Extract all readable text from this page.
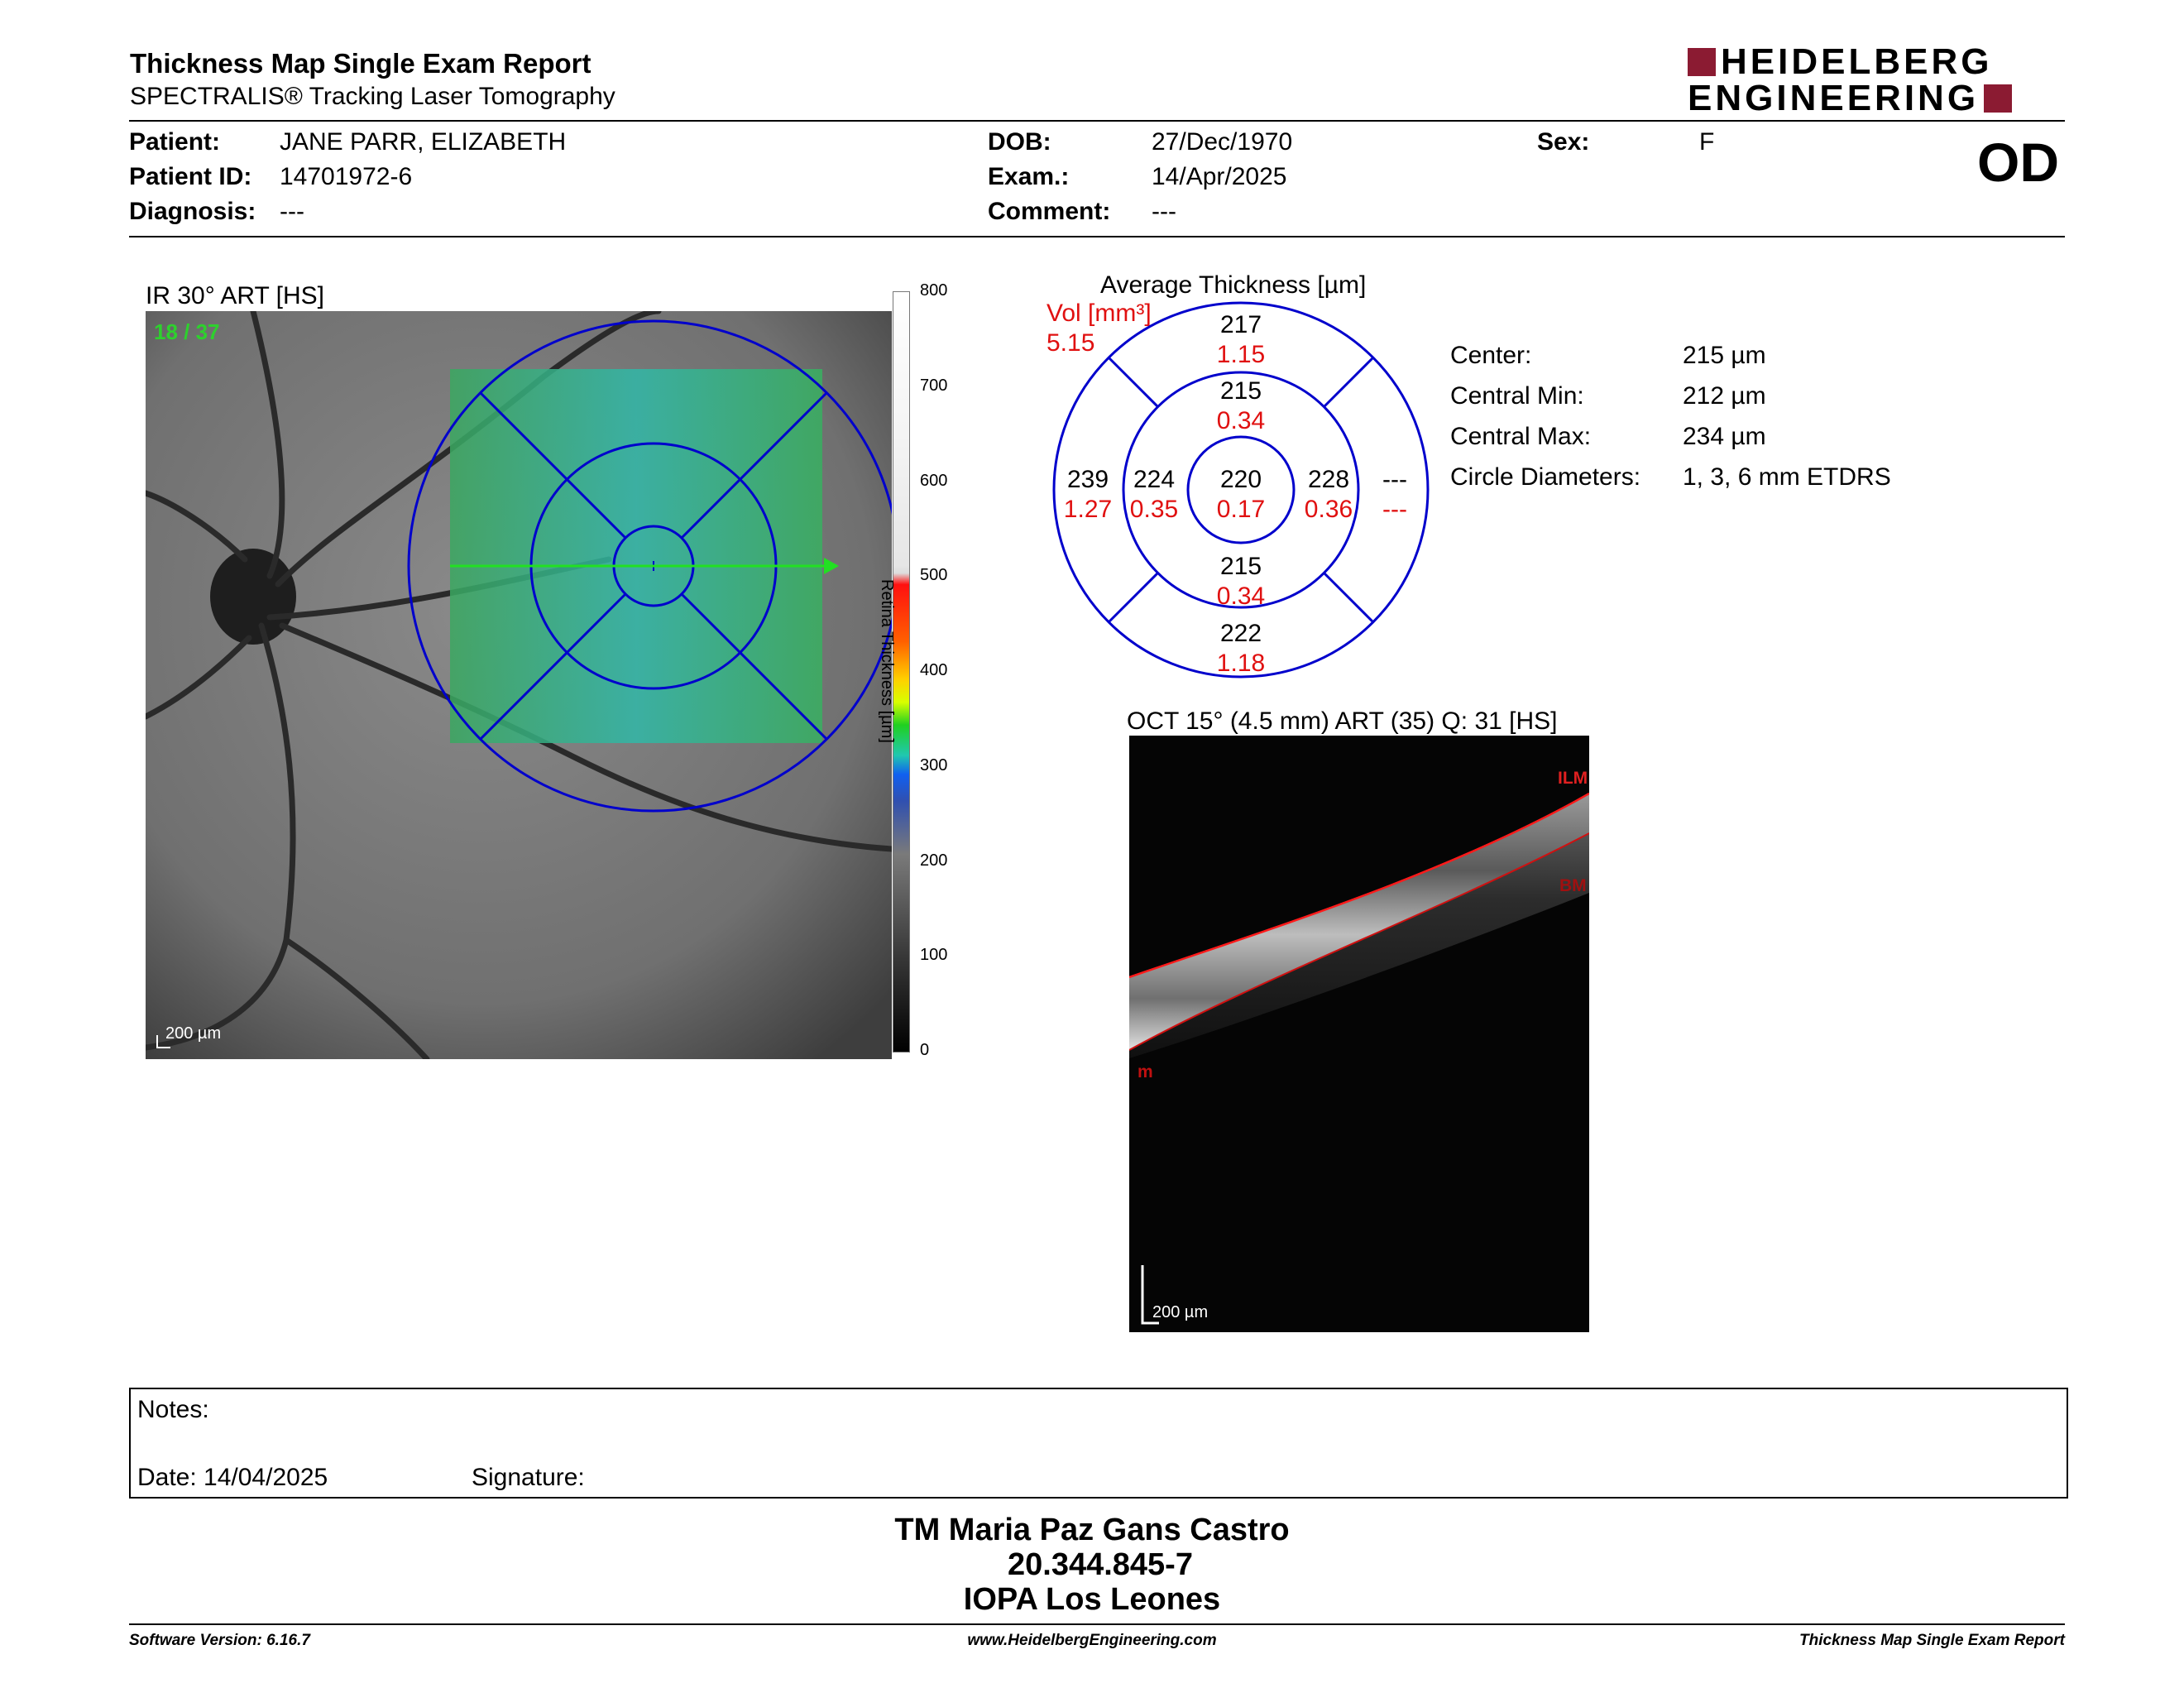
Thickness Map Single Exam Report
SPECTRALIS® Tracking Laser Tomography
HEIDELBERG
ENGINEERING
Patient: JANE PARR, ELIZABETH
Patient ID: 14701972-6
Diagnosis: ---
DOB:	27/Dec/1970
Exam.:	14/Apr/2025
Comment: ---
Sex:	F	OD
IR 30° ART [HS]
18 / 37
200 µm
800
700
600
500
400
300
200
100
0
Retina Thickness [µm]
Average Thickness [µm]
Vol [mm³]
5.15
217
1.15
215
0.34
239
1.27
224
0.35
220
0.17
228
0.36
---
---
215
0.34
222
1.18
Center:	215 µm
Central Min:	212 µm
Central Max:	234 µm
Circle Diameters: 1, 3, 6 mm ETDRS
OCT 15° (4.5 mm) ART (35) Q: 31 [HS]
ILM
BM
m
200 µm
Notes:
Date: 14/04/2025	Signature:
TM Maria Paz Gans Castro
20.344.845-7
IOPA Los Leones
Software Version: 6.16.7	www.HeidelbergEngineering.com	Thickness Map Single Exam Report
